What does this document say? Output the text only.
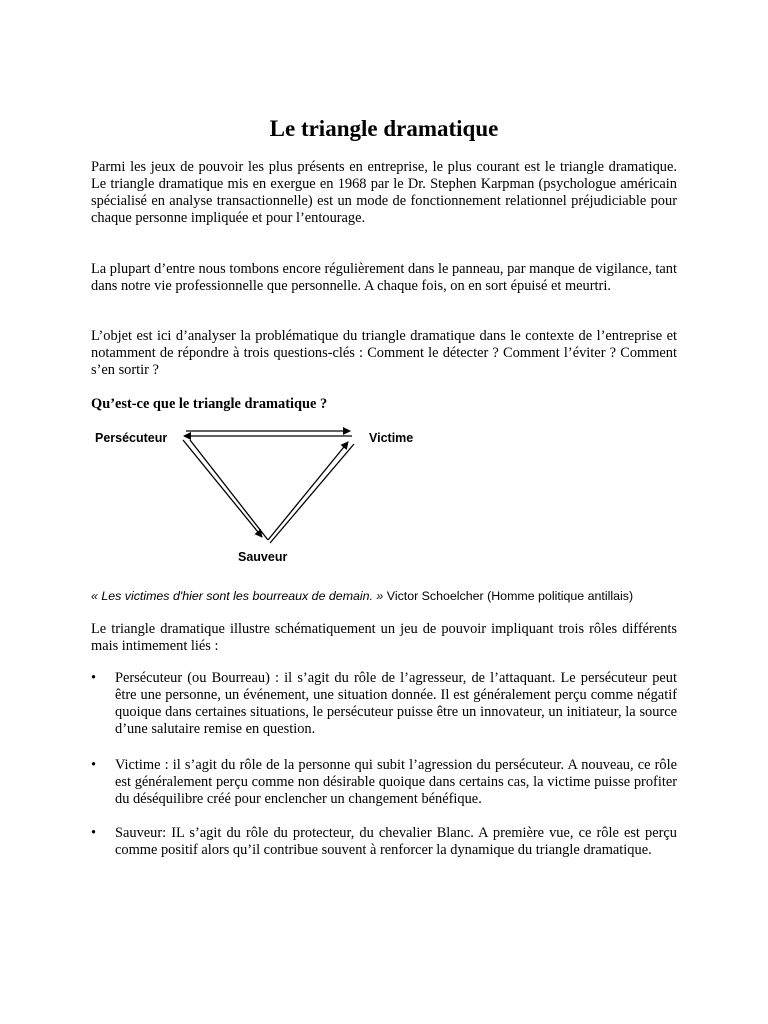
Le triangle dramatique

Parmi les jeux de pouvoir les plus présents en entreprise, le plus courant est le triangle dramatique. Le triangle dramatique mis en exergue en 1968 par le Dr. Stephen Karpman (psychologue américain spécialisé en analyse transactionnelle) est un mode de fonctionnement relationnel préjudiciable pour chaque personne impliquée et pour l’entourage.

La plupart d’entre nous tombons encore régulièrement dans le panneau, par manque de vigilance, tant dans notre vie professionnelle que personnelle. A chaque fois, on en sort épuisé et meurtri.

L’objet est ici d’analyser la problématique du triangle dramatique dans le contexte de l’entreprise et notamment de répondre à trois questions-clés : Comment le détecter ? Comment l’éviter ? Comment s’en sortir ?

Qu’est-ce que le triangle dramatique ?

Persécuteur	Victime
Sauveur

« Les victimes d'hier sont les bourreaux de demain. » Victor Schoelcher (Homme politique antillais)

Le triangle dramatique illustre schématiquement un jeu de pouvoir impliquant trois rôles différents mais intimement liés :

• Persécuteur (ou Bourreau) : il s’agit du rôle de l’agresseur, de l’attaquant. Le persécuteur peut être une personne, un événement, une situation donnée. Il est généralement perçu comme négatif quoique dans certaines situations, le persécuteur puisse être un innovateur, un initiateur, la source d’une salutaire remise en question.
• Victime : il s’agit du rôle de la personne qui subit l’agression du persécuteur. A nouveau, ce rôle est généralement perçu comme non désirable quoique dans certains cas, la victime puisse profiter du déséquilibre créé pour enclencher un changement bénéfique.
• Sauveur: IL s’agit du rôle du protecteur, du chevalier Blanc. A première vue, ce rôle est perçu comme positif alors qu’il contribue souvent à renforcer la dynamique du triangle dramatique.
